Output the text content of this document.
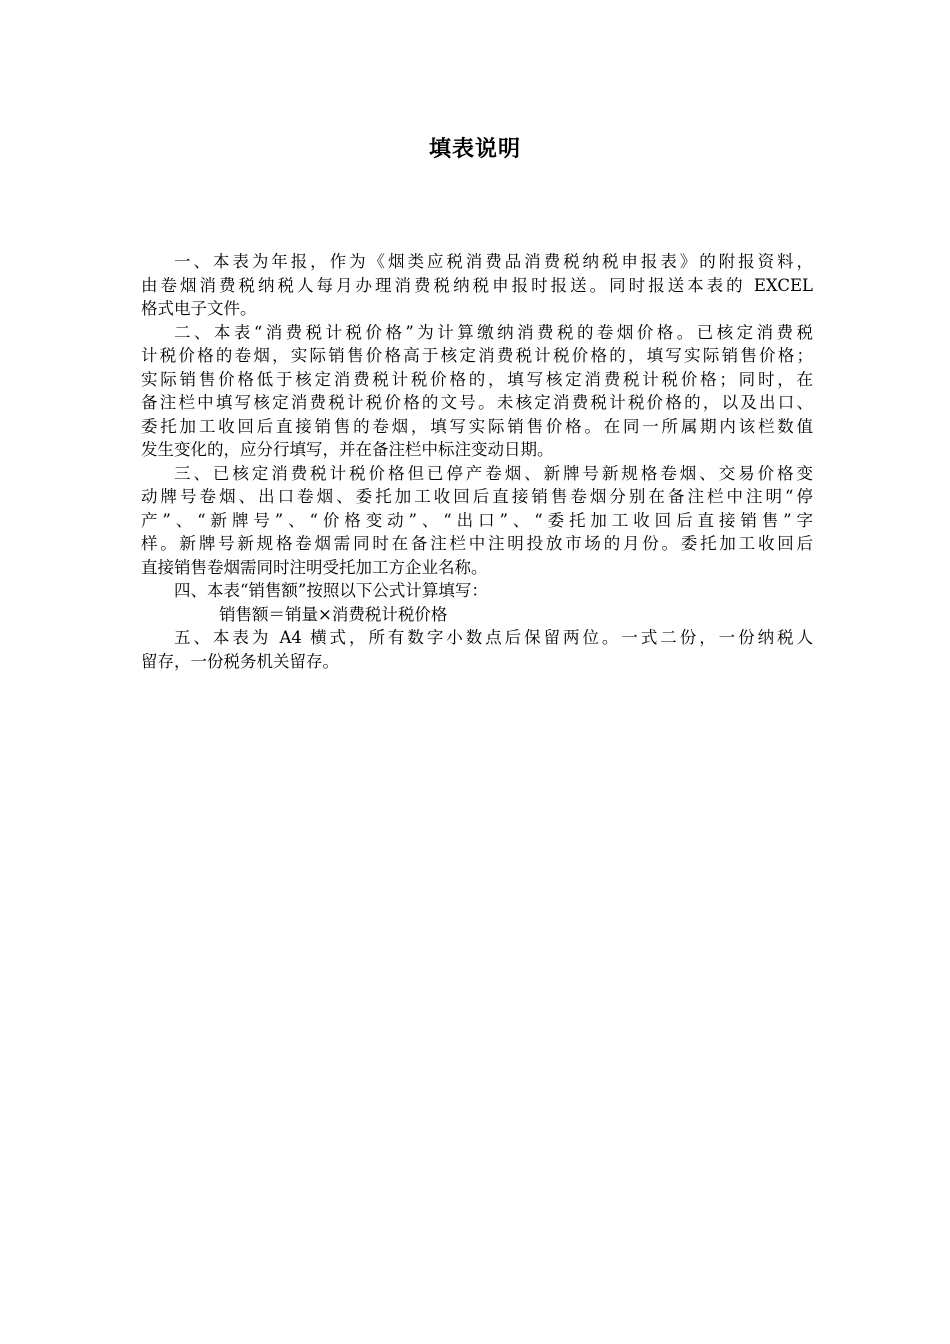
填表说明
一、本表为年报，作为《烟类应税消费品消费税纳税申报表》的附报资料，
由卷烟消费税纳税人每月办理消费税纳税申报时报送。同时报送本表的 EXCEL
格式电子文件。
二、本表“消费税计税价格”为计算缴纳消费税的卷烟价格。已核定消费税
计税价格的卷烟，实际销售价格高于核定消费税计税价格的，填写实际销售价格；
实际销售价格低于核定消费税计税价格的，填写核定消费税计税价格；同时，在
备注栏中填写核定消费税计税价格的文号。未核定消费税计税价格的，以及出口、
委托加工收回后直接销售的卷烟，填写实际销售价格。在同一所属期内该栏数值
发生变化的，应分行填写，并在备注栏中标注变动日期。
三、已核定消费税计税价格但已停产卷烟、新牌号新规格卷烟、交易价格变
动牌号卷烟、出口卷烟、委托加工收回后直接销售卷烟分别在备注栏中注明“停
产”、“新牌号”、“价格变动”、“出口”、“委托加工收回后直接销售”字
样。新牌号新规格卷烟需同时在备注栏中注明投放市场的月份。委托加工收回后
直接销售卷烟需同时注明受托加工方企业名称。
四、本表“销售额”按照以下公式计算填写：
销售额＝销量×消费税计税价格
五、本表为 A4 横式，所有数字小数点后保留两位。一式二份，一份纳税人
留存，一份税务机关留存。
